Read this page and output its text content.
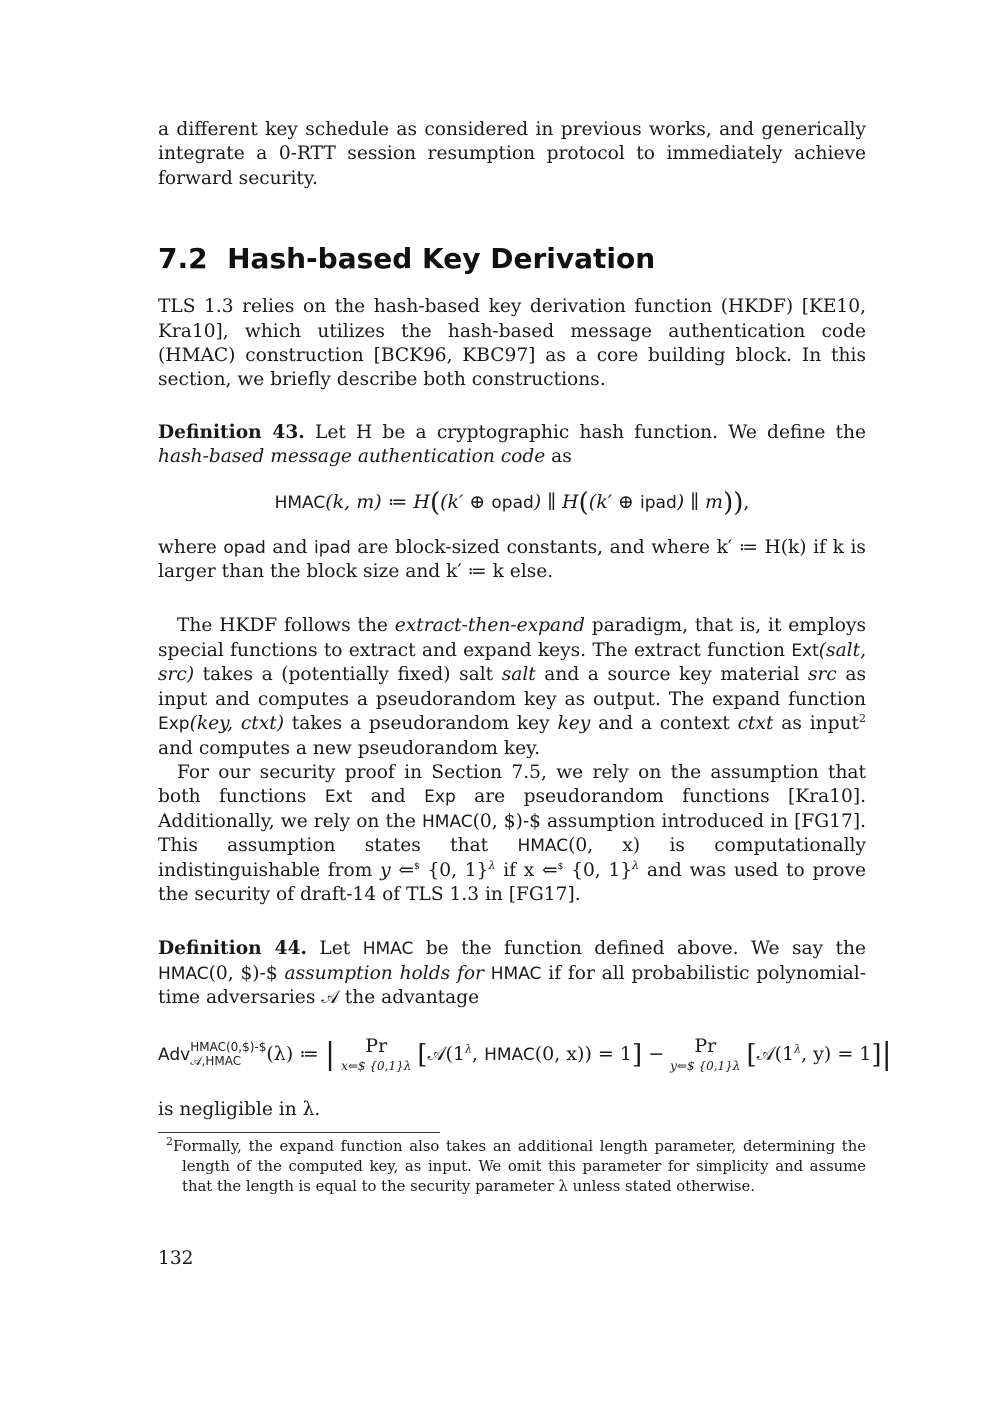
a different key schedule as considered in previous works, and generically integrate a 0-RTT session resumption protocol to immediately achieve forward security.

7.2 Hash-based Key Derivation

TLS 1.3 relies on the hash-based key derivation function (HKDF) [KE10, Kra10], which utilizes the hash-based message authentication code (HMAC) construction [BCK96, KBC97] as a core building block. In this section, we briefly describe both constructions.

Definition 43. Let H be a cryptographic hash function. We define the hash-based message authentication code as

HMAC(k, m) ≔ H((k′ ⊕ opad) ∥ H((k′ ⊕ ipad) ∥ m)),

where opad and ipad are block-sized constants, and where k′ ≔ H(k) if k is larger than the block size and k′ ≔ k else.

The HKDF follows the extract-then-expand paradigm, that is, it employs special functions to extract and expand keys. The extract function Ext(salt, src) takes a (potentially fixed) salt salt and a source key material src as input and computes a pseudorandom key as output. The expand function Exp(key, ctxt) takes a pseudorandom key key and a context ctxt as input$^2$ and computes a new pseudorandom key.

For our security proof in Section 7.5, we rely on the assumption that both functions Ext and Exp are pseudorandom functions [Kra10]. Additionally, we rely on the HMAC(0, $)-$ assumption introduced in [FG17]. This assumption states that HMAC(0, x) is computationally indistinguishable from y ⇐$ {0, 1}$^\lambda$ if x ⇐$ {0, 1}$^\lambda$ and was used to prove the security of draft-14 of TLS 1.3 in [FG17].

Definition 44. Let HMAC be the function defined above. We say the HMAC(0, $)-$ assumption holds for HMAC if for all probabilistic polynomial-time adversaries 𝒜 the advantage

Adv HMAC(0,$)-$
𝒜,HMAC	(λ) ≔ | Pr
x⇐$ {0,1}λ [$𝒜(1^\lambda$, HMAC(0, x)) = 1] − Pr
y⇐$ {0,1}λ [$𝒜(1^\lambda$, y) = 1]|

is negligible in λ.

$^2$Formally, the expand function also takes an additional length parameter, determining the length of the computed key, as input. We omit this parameter for simplicity and assume that the length is equal to the security parameter λ unless stated otherwise.

132
